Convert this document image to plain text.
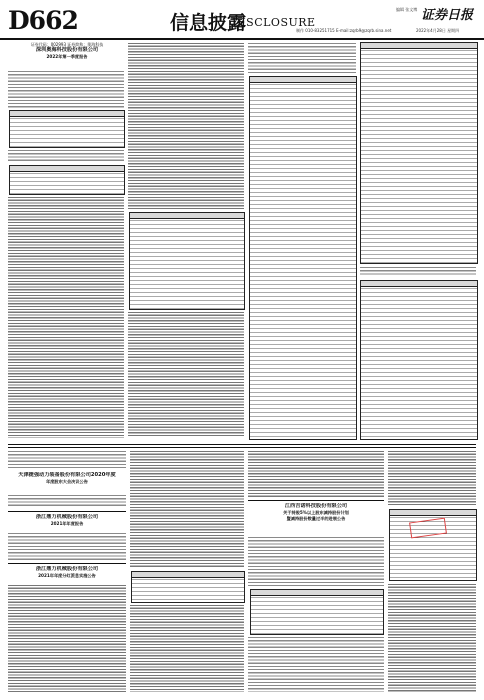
D662	信息披露
DISCLOSURE
编辑 张文博 证券日报
制作 010-83251715 E-mail:zqrb9@zqrb.sina.net	2022年4月28日 星期四
证券代码：002993 证券简称：奥海科技
深圳奥海科技股份有限公司
2022年第一季度报告
天津捷强动力装备股份有限公司2020年度
年度股东大会决议公告
浙江鼎力机械股份有限公司
2021年年度报告
浙江鼎力机械股份有限公司
2021年年度分红派息实施公告
江西吉诺科技股份有限公司
关于持股5%以上股东减持股份计划
暨减持股份数量过半的进展公告
